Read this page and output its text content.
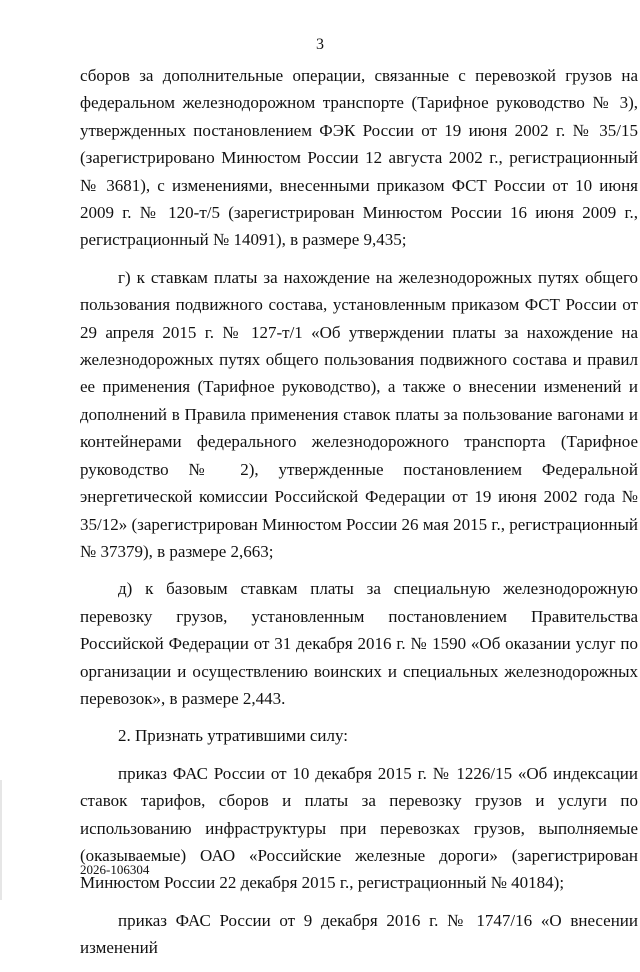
3

сборов за дополнительные операции, связанные с перевозкой грузов на федеральном железнодорожном транспорте (Тарифное руководство № 3), утвержденных постановлением ФЭК России от 19 июня 2002 г. № 35/15 (зарегистрировано Минюстом России 12 августа 2002 г., регистрационный № 3681), с изменениями, внесенными приказом ФСТ России от 10 июня 2009 г. № 120-т/5 (зарегистрирован Минюстом России 16 июня 2009 г., регистрационный № 14091), в размере 9,435;

г) к ставкам платы за нахождение на железнодорожных путях общего пользования подвижного состава, установленным приказом ФСТ России от 29 апреля 2015 г. № 127-т/1 «Об утверждении платы за нахождение на железнодорожных путях общего пользования подвижного состава и правил ее применения (Тарифное руководство), а также о внесении изменений и дополнений в Правила применения ставок платы за пользование вагонами и контейнерами федерального железнодорожного транспорта (Тарифное руководство № 2), утвержденные постановлением Федеральной энергетической комиссии Российской Федерации от 19 июня 2002 года № 35/12» (зарегистрирован Минюстом России 26 мая 2015 г., регистрационный № 37379), в размере 2,663;

д) к базовым ставкам платы за специальную железнодорожную перевозку грузов, установленным постановлением Правительства Российской Федерации от 31 декабря 2016 г. № 1590 «Об оказании услуг по организации и осуществлению воинских и специальных железнодорожных перевозок», в размере 2,443.

2. Признать утратившими силу:

приказ ФАС России от 10 декабря 2015 г. № 1226/15 «Об индексации ставок тарифов, сборов и платы за перевозку грузов и услуги по использованию инфраструктуры при перевозках грузов, выполняемые (оказываемые) ОАО «Российские железные дороги» (зарегистрирован Минюстом России 22 декабря 2015 г., регистрационный № 40184);

приказ ФАС России от 9 декабря 2016 г. № 1747/16 «О внесении изменений

2026-106304
